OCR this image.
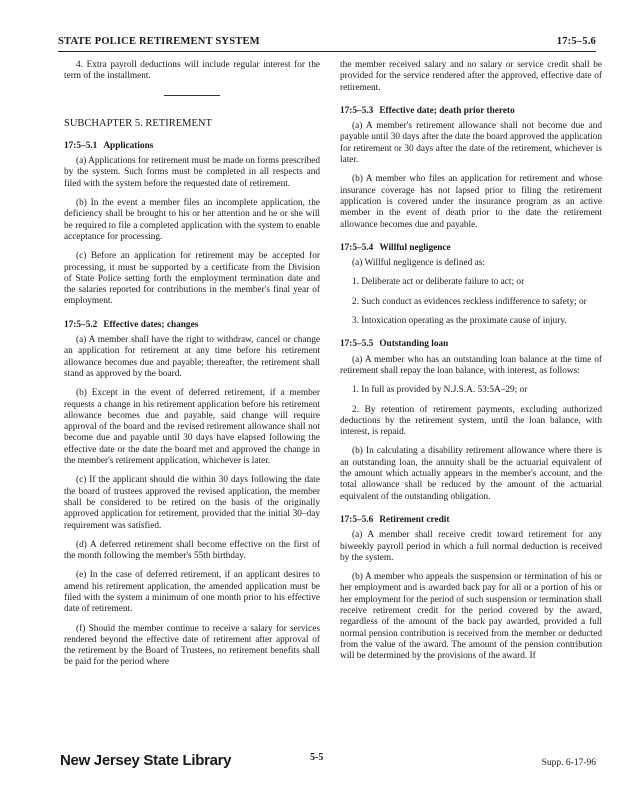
STATE POLICE RETIREMENT SYSTEM	17:5–5.6

4. Extra payroll deductions will include regular interest for the term of the installment.

SUBCHAPTER 5. RETIREMENT

17:5–5.1 Applications

(a) Applications for retirement must be made on forms prescribed by the system. Such forms must be completed in all respects and filed with the system before the requested date of retirement.

(b) In the event a member files an incomplete application, the deficiency shall be brought to his or her attention and he or she will be required to file a completed application with the system to enable acceptance for processing.

(c) Before an application for retirement may be accepted for processing, it must be supported by a certificate from the Division of State Police setting forth the employment termination date and the salaries reported for contributions in the member's final year of employment.

17:5–5.2 Effective dates; changes

(a) A member shall have the right to withdraw, cancel or change an application for retirement at any time before his retirement allowance becomes due and payable; thereafter, the retirement shall stand as approved by the board.

(b) Except in the event of deferred retirement, if a member requests a change in his retirement application before his retirement allowance becomes due and payable, said change will require approval of the board and the revised retirement allowance shall not become due and payable until 30 days have elapsed following the effective date or the date the board met and approved the change in the member's retirement application, whichever is later.

(c) If the applicant should die within 30 days following the date the board of trustees approved the revised application, the member shall be considered to be retired on the basis of the originally approved application for retirement, provided that the initial 30–day requirement was satisfied.

(d) A deferred retirement shall become effective on the first of the month following the member's 55th birthday.

(e) In the case of deferred retirement, if an applicant desires to amend his retirement application, the amended application must be filed with the system a minimum of one month prior to his effective date of retirement.

(f) Should the member continue to receive a salary for services rendered beyond the effective date of retirement after approval of the retirement by the Board of Trustees, no retirement benefits shall be paid for the period where

the member received salary and no salary or service credit shall be provided for the service rendered after the approved, effective date of retirement.

17:5–5.3 Effective date; death prior thereto

(a) A member's retirement allowance shall not become due and payable until 30 days after the date the board approved the application for retirement or 30 days after the date of the retirement, whichever is later.

(b) A member who files an application for retirement and whose insurance coverage has not lapsed prior to filing the retirement application is covered under the insurance program as an active member in the event of death prior to the date the retirement allowance becomes due and payable.

17:5–5.4 Willful negligence

(a) Willful negligence is defined as:

1. Deliberate act or deliberate failure to act; or

2. Such conduct as evidences reckless indifference to safety; or

3. Intoxication operating as the proximate cause of injury.

17:5–5.5 Outstanding loan

(a) A member who has an outstanding loan balance at the time of retirement shall repay the loan balance, with interest, as follows:

1. In full as provided by N.J.S.A. 53:5A–29; or

2. By retention of retirement payments, excluding authorized deductions by the retirement system, until the loan balance, with interest, is repaid.

(b) In calculating a disability retirement allowance where there is an outstanding loan, the annuity shall be the actuarial equivalent of the amount which actually appears in the member's account, and the total allowance shall be reduced by the amount of the actuarial equivalent of the outstanding obligation.

17:5–5.6 Retirement credit

(a) A member shall receive credit toward retirement for any biweekly payroll period in which a full normal deduction is received by the system.

(b) A member who appeals the suspension or termination of his or her employment and is awarded back pay for all or a portion of his or her employment for the period of such suspension or termination shall receive retirement credit for the period covered by the award, regardless of the amount of the back pay awarded, provided a full normal pension contribution is received from the member or deducted from the value of the award. The amount of the pension contribution will be determined by the provisions of the award. If

New Jersey State Library	5-5	Supp. 6-17-96
